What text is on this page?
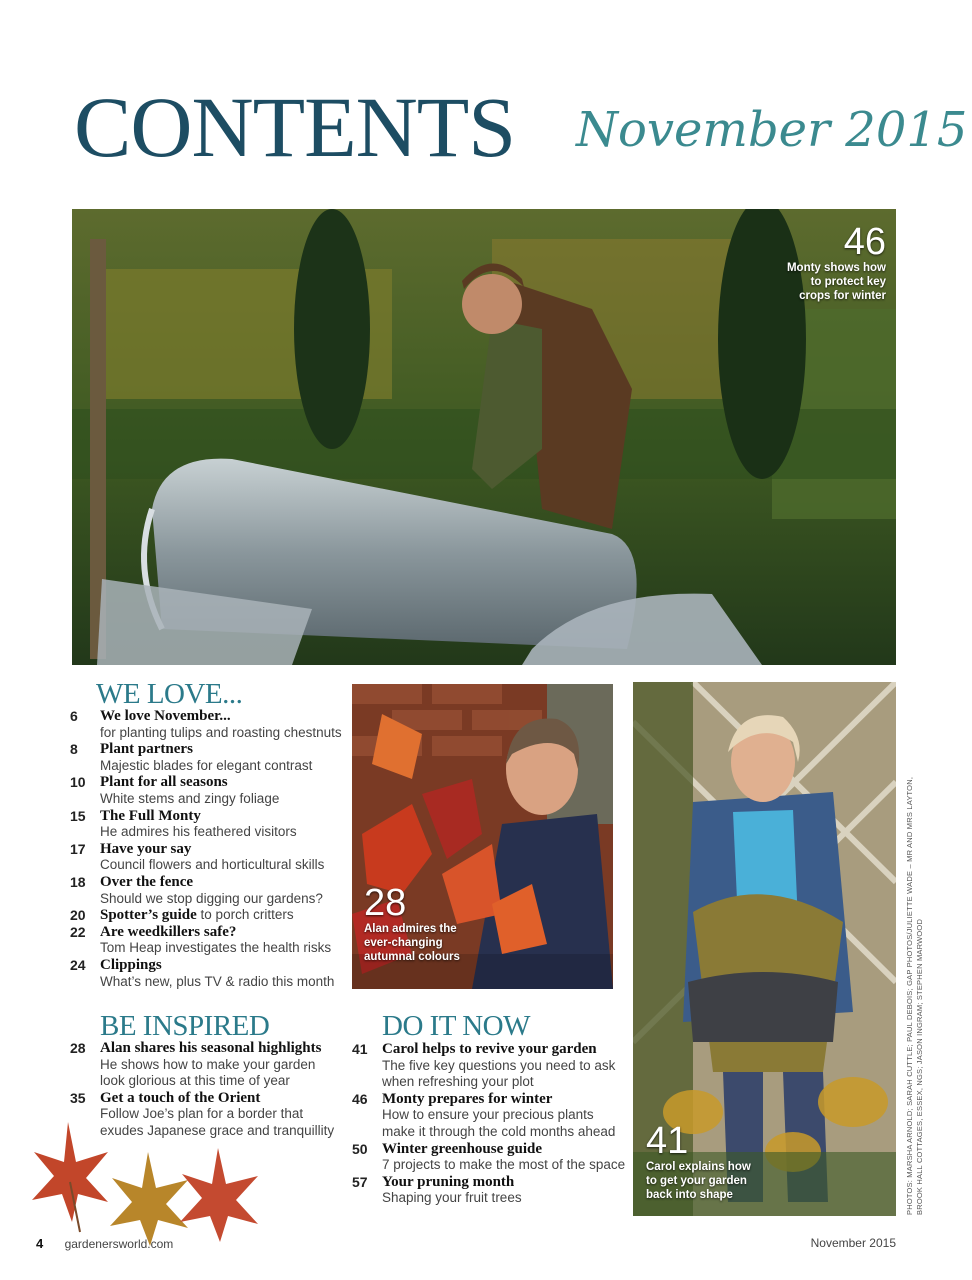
CONTENTS November 2015
46
Monty shows how
to protect key
crops for winter
28
Alan admires the
ever-changing
autumnal colours
41
Carol explains how
to get your garden
back into shape
WE LOVE...
6 We love November...
for planting tulips and roasting chestnuts
8 Plant partners
Majestic blades for elegant contrast
10 Plant for all seasons
White stems and zingy foliage
15 The Full Monty
He admires his feathered visitors
17 Have your say
Council flowers and horticultural skills
18 Over the fence
Should we stop digging our gardens?
20 Spotter’s guide to porch critters
22 Are weedkillers safe?
Tom Heap investigates the health risks
24 Clippings
What’s new, plus TV & radio this month
BE INSPIRED
28 Alan shares his seasonal highlights
He shows how to make your garden
look glorious at this time of year
35 Get a touch of the Orient
Follow Joe’s plan for a border that
exudes Japanese grace and tranquillity
DO IT NOW
41 Carol helps to revive your garden
The five key questions you need to ask
when refreshing your plot
46 Monty prepares for winter
How to ensure your precious plants
make it through the cold months ahead
50 Winter greenhouse guide
7 projects to make the most of the space
57 Your pruning month
Shaping your fruit trees	PHOTOS: MARSHA ARNOLD; SARAH CUTTLE; PAUL DEBOIS; GAP PHOTOS/JULIETTE WADE – MR AND MRS LAYTON, BROOK HALL COTTAGES, ESSEX, NGS; JASON INGRAM; STEPHEN MARWOOD
4 gardenersworld.com	November 2015
